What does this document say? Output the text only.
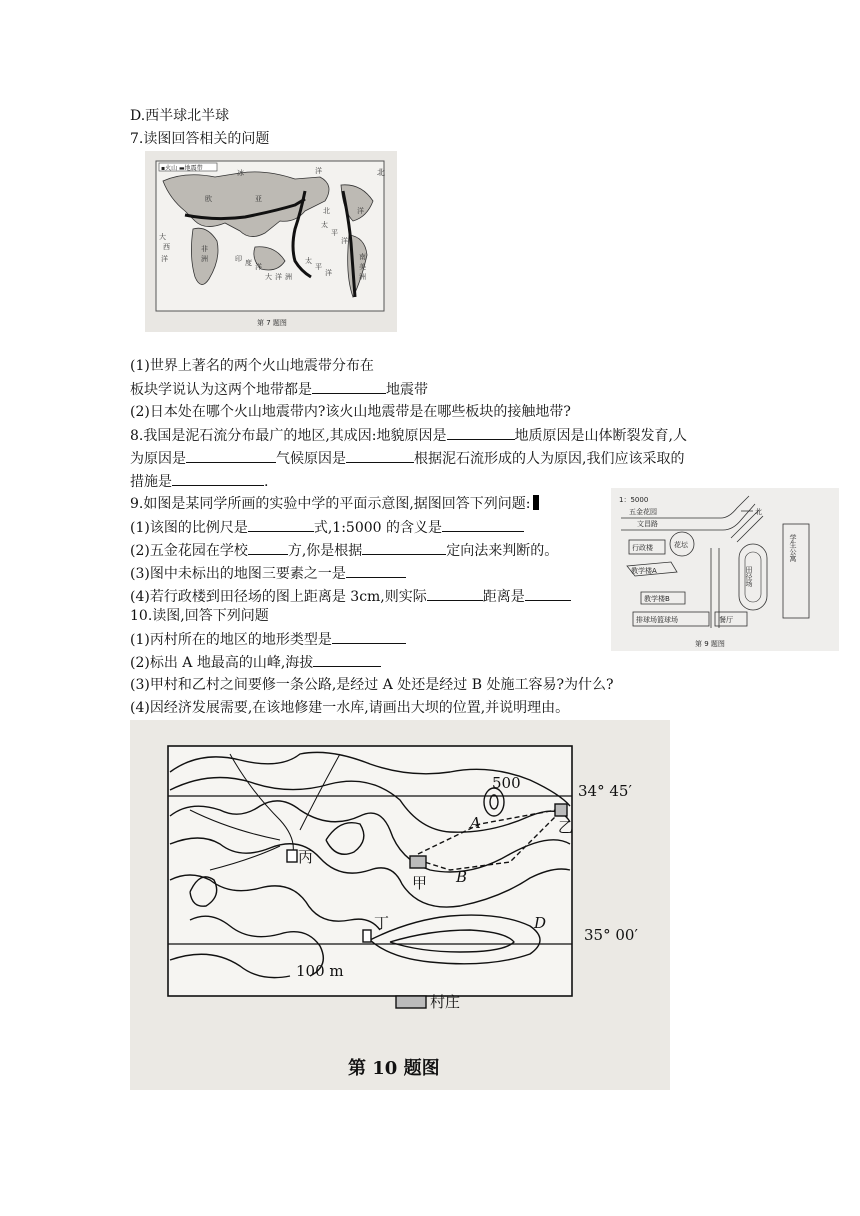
D.西半球北半球
7.读图回答相关的问题
▪火山 ▬地震带	北
冰	洋
洋
北
太
平
洋
大
西
洋	印 度 洋
太
平
洋
大 洋 洲
南
美
洲
非
洲
欧	亚
第 7 题图
(1)世界上著名的两个火山地震带分布在
板块学说认为这两个地带都是	地震带
(2)日本处在哪个火山地震带内?该火山地震带是在哪些板块的接触地带?
8.我国是泥石流分布最广的地区,其成因:地貌原因是	地质原因是山体断裂发育,人
为原因是	气候原因是	根据泥石流形成的人为原因,我们应该采取的
措施是	.
9.如图是某同学所画的实验中学的平面示意图,据图回答下列问题:
(1)该图的比例尺是	式,1:5000 的含义是
(2)五金花园在学校	方,你是根据	定向法来判断的。
(3)图中未标出的地图三要素之一是
(4)若行政楼到田径场的图上距离是 3cm,则实际	距离是
1：5000
五金花园
文昌路
北
行政楼	花坛
教学楼A
教学楼B
田径场
学生公寓
排球场篮球场	餐厅
第 9 题图
10.读图,回答下列问题
(1)丙村所在的地区的地形类型是
(2)标出 A 地最高的山峰,海拔
(3)甲村和乙村之间要修一条公路,是经过 A 处还是经过 B 处施工容易?为什么?
(4)因经济发展需要,在该地修建一水库,请画出大坝的位置,并说明理由。
34° 45′
35° 00′
丙
甲
乙
丁
A
B
D
500
100 m
村庄
第 10 题图
